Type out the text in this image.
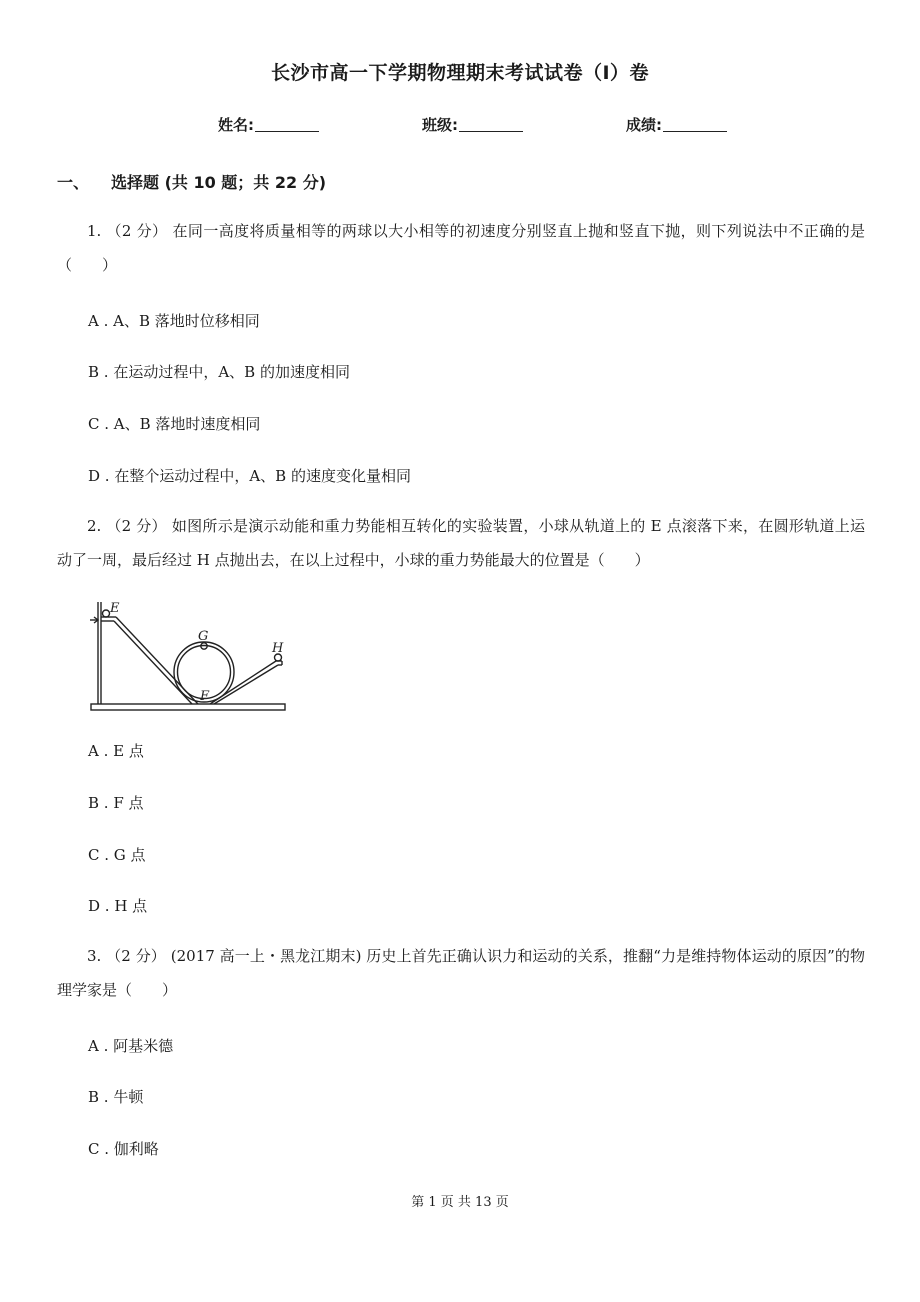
长沙市高一下学期物理期末考试试卷（I）卷
姓名:	班级:	成绩:
一、 选择题 (共 10 题；共 22 分)

1. （2 分） 在同一高度将质量相等的两球以大小相等的初速度分别竖直上抛和竖直下抛，则下列说法中不正确的是（　　）

A . A、B 落地时位移相同
B . 在运动过程中，A、B 的加速度相同
C . A、B 落地时速度相同
D . 在整个运动过程中，A、B 的速度变化量相同

2. （2 分） 如图所示是演示动能和重力势能相互转化的实验装置，小球从轨道上的 E 点滚落下来，在圆形轨道上运动了一周，最后经过 H 点抛出去，在以上过程中，小球的重力势能最大的位置是（　　）

E
G
H
F
A . E 点
B . F 点
C . G 点
D . H 点

3. （2 分） (2017 高一上・黑龙江期末) 历史上首先正确认识力和运动的关系，推翻“力是维持物体运动的原因”的物理学家是（　　）

A . 阿基米德
B . 牛顿
C . 伽利略
第 1 页 共 13 页
